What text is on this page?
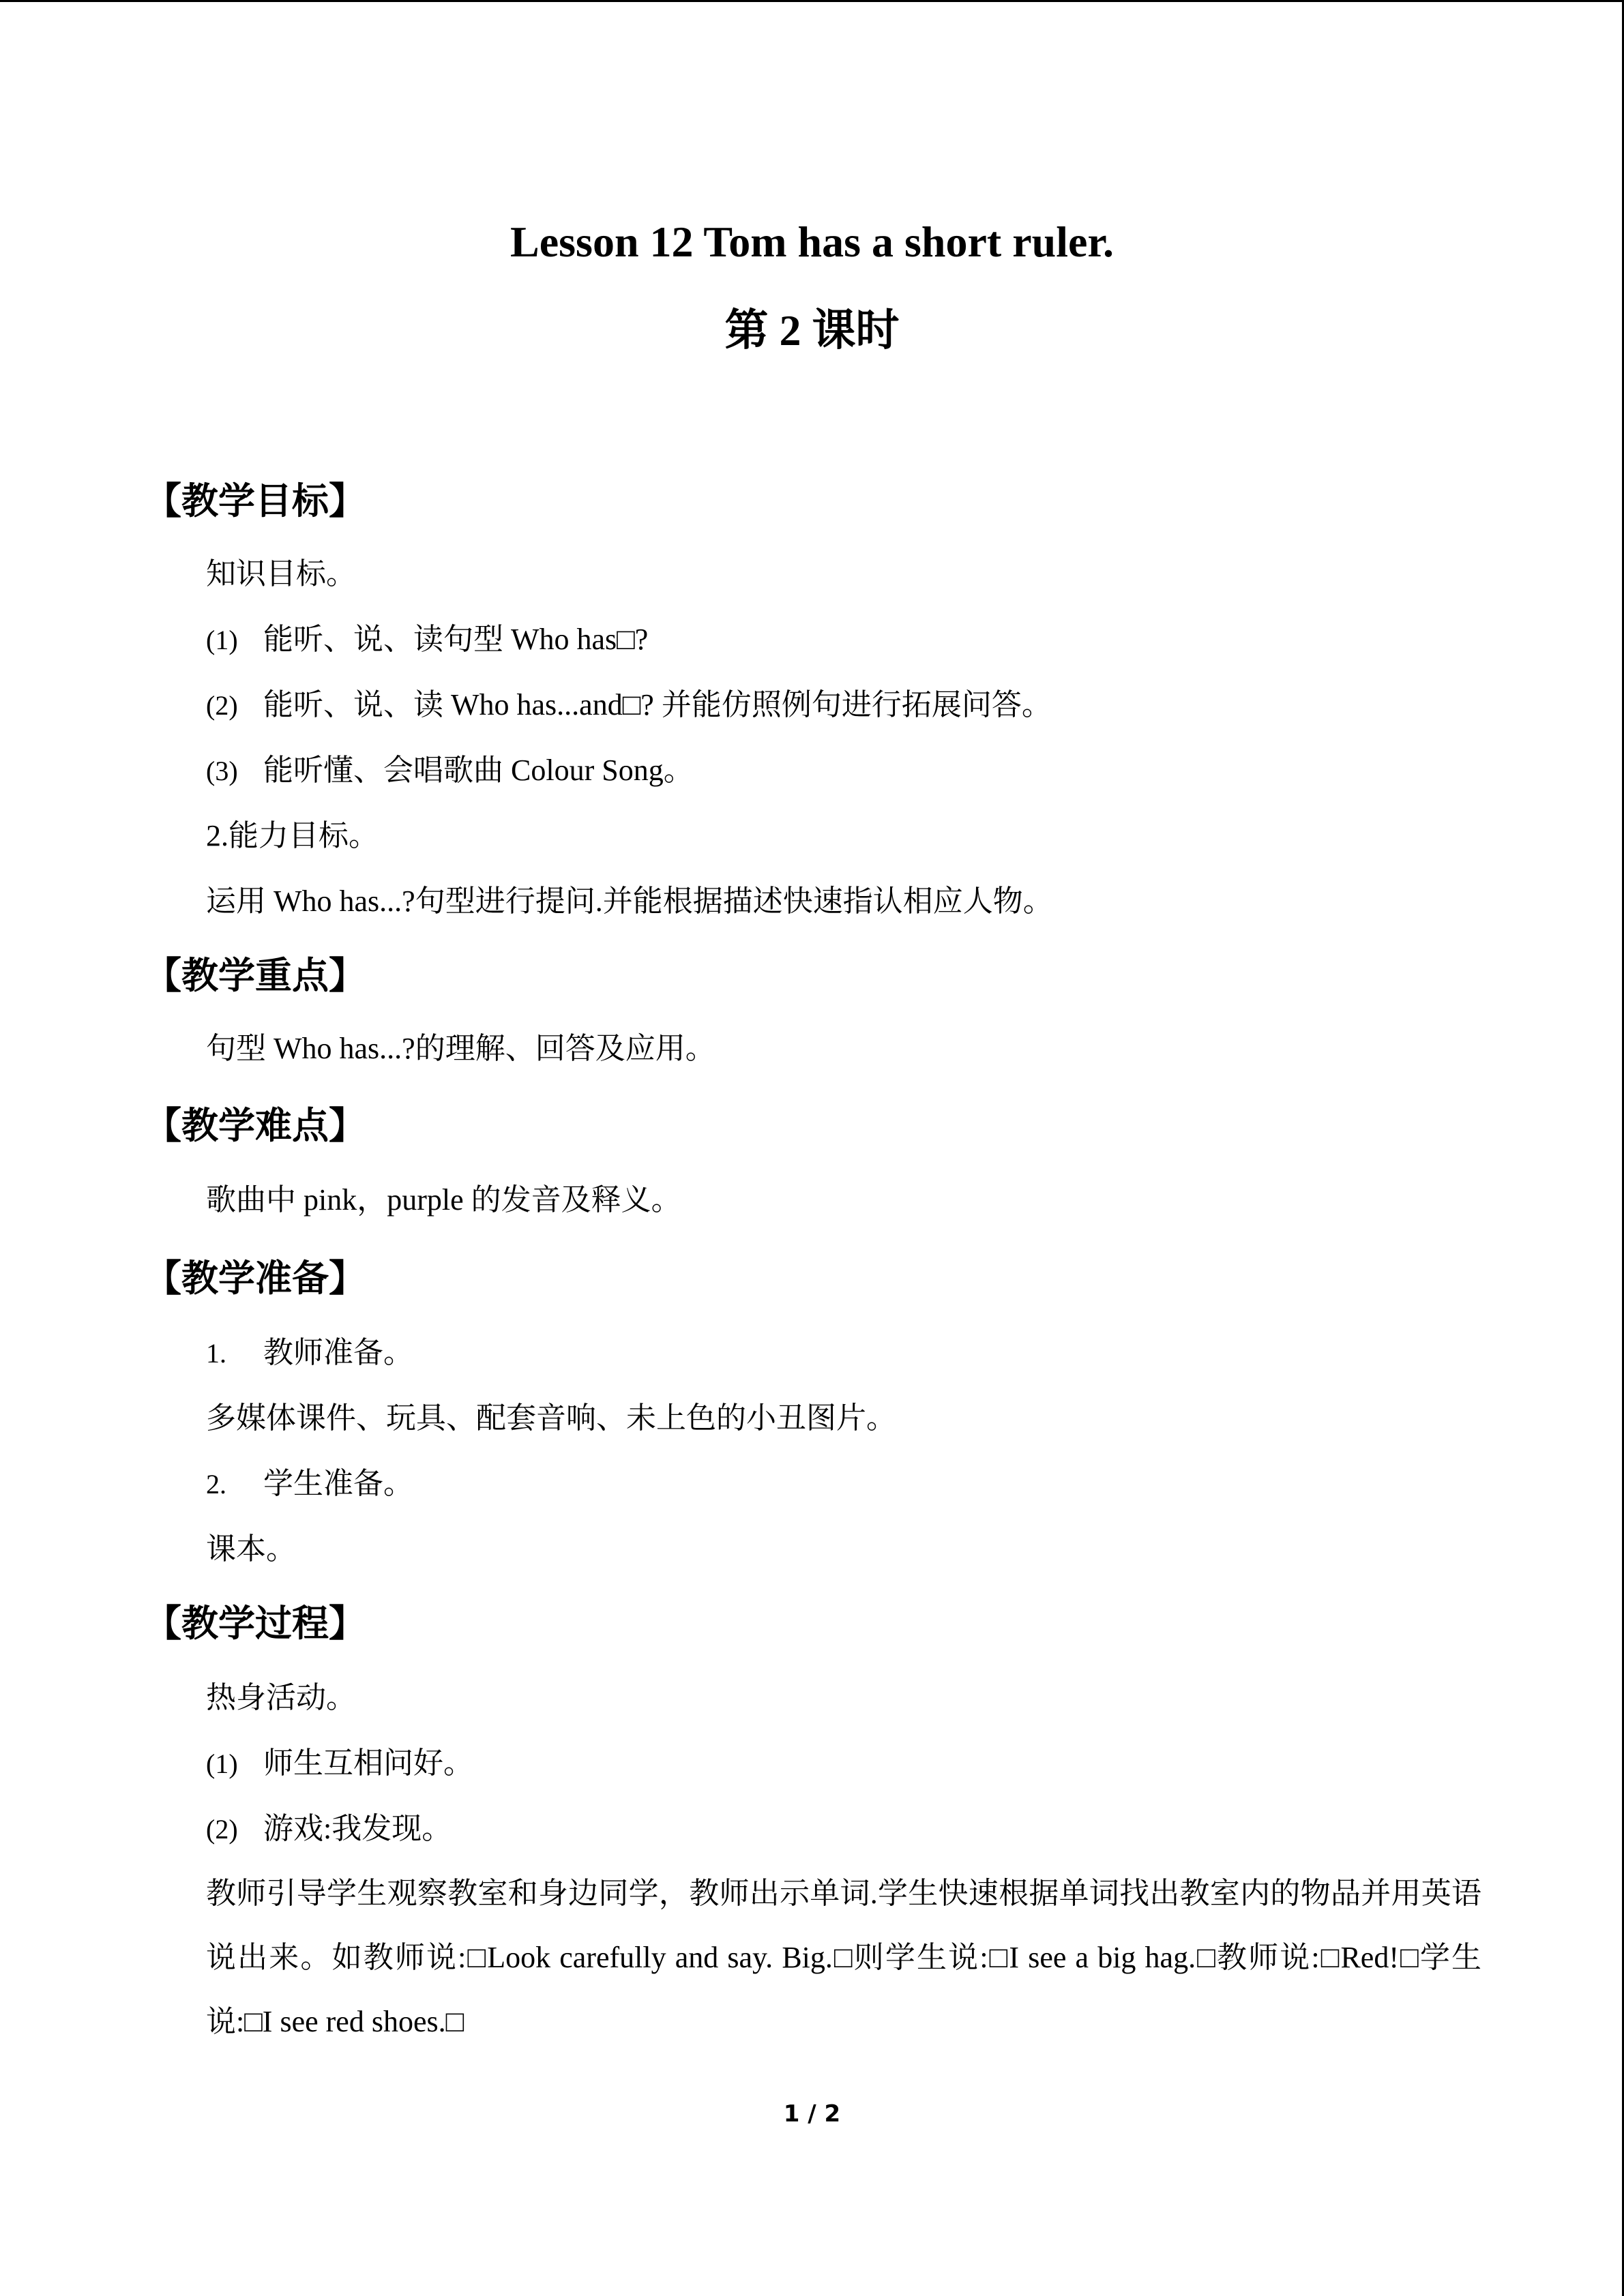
Lesson 12 Tom has a short ruler.
第 2 课时
【教学目标】
知识目标。
(1) 能听、说、读句型 Who has□?
(2) 能听、说、读 Who has...and□? 并能仿照例句进行拓展问答。
(3) 能听懂、会唱歌曲 Colour Song。
2.能力目标。
运用 Who has...?句型进行提问.并能根据描述快速指认相应人物。
【教学重点】
句型 Who has...?的理解、回答及应用。
【教学难点】
歌曲中 pink，purple 的发音及释义。
【教学准备】
1. 教师准备。
多媒体课件、玩具、配套音响、未上色的小丑图片。
2. 学生准备。
课本。
【教学过程】
热身活动。
(1) 师生互相问好。
(2) 游戏:我发现。
教师引导学生观察教室和身边同学，教师出示单词.学生快速根据单词找出教室内的物品并用英语说出来。如教师说:□Look carefully and say. Big.□则学生说:□I see a big hag.□教师说:□Red!□学生说:□I see red shoes.□
1 / 2
